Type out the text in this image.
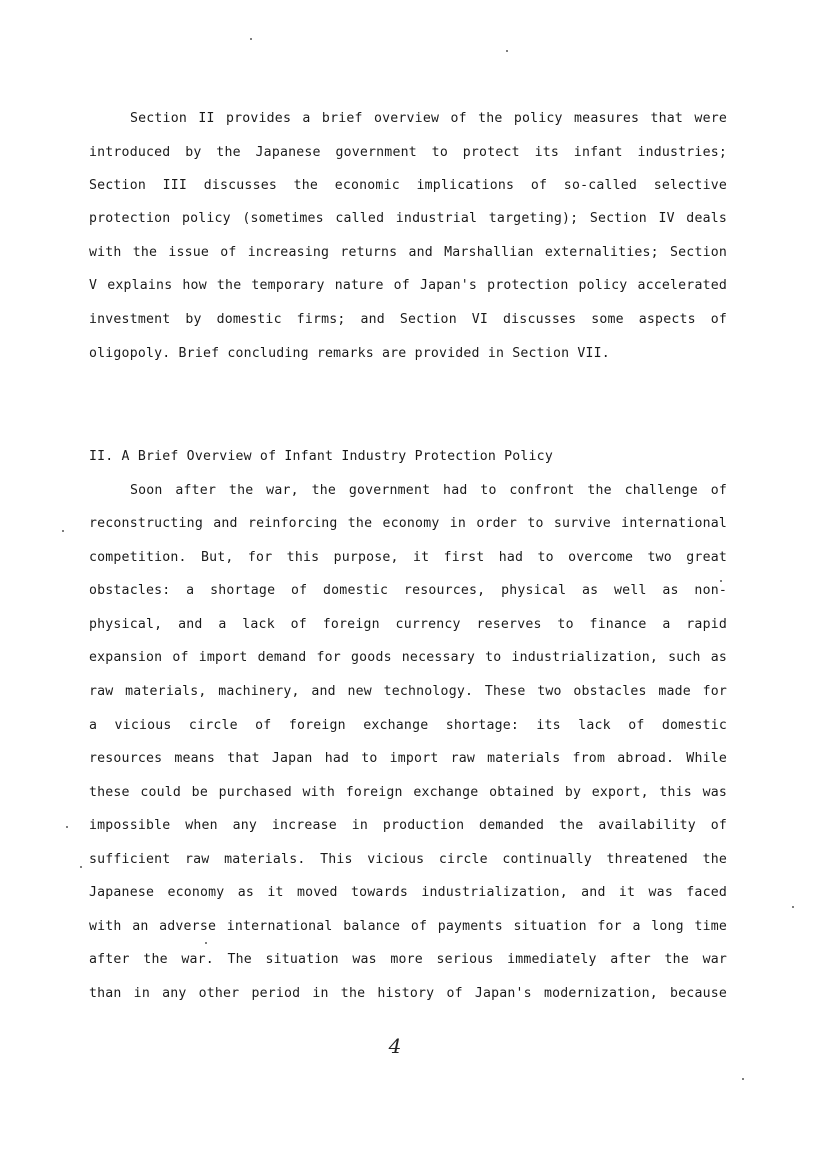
Section II provides a brief overview of the policy measures that were
introduced by the Japanese government to protect its infant industries;
Section III discusses the economic implications of so-called selective
protection policy (sometimes called industrial targeting); Section IV deals
with the issue of increasing returns and Marshallian externalities; Section
V explains how the temporary nature of Japan's protection policy accelerated
investment by domestic firms; and Section VI discusses some aspects of
oligopoly. Brief concluding remarks are provided in Section VII.
II. A Brief Overview of Infant Industry Protection Policy
Soon after the war, the government had to confront the challenge of
reconstructing and reinforcing the economy in order to survive international
competition. But, for this purpose, it first had to overcome two great
obstacles: a shortage of domestic resources, physical as well as non-
physical, and a lack of foreign currency reserves to finance a rapid
expansion of import demand for goods necessary to industrialization, such as
raw materials, machinery, and new technology. These two obstacles made for
a vicious circle of foreign exchange shortage: its lack of domestic
resources means that Japan had to import raw materials from abroad. While
these could be purchased with foreign exchange obtained by export, this was
impossible when any increase in production demanded the availability of
sufficient raw materials. This vicious circle continually threatened the
Japanese economy as it moved towards industrialization, and it was faced
with an adverse international balance of payments situation for a long time
after the war. The situation was more serious immediately after the war
than in any other period in the history of Japan's modernization, because
4
